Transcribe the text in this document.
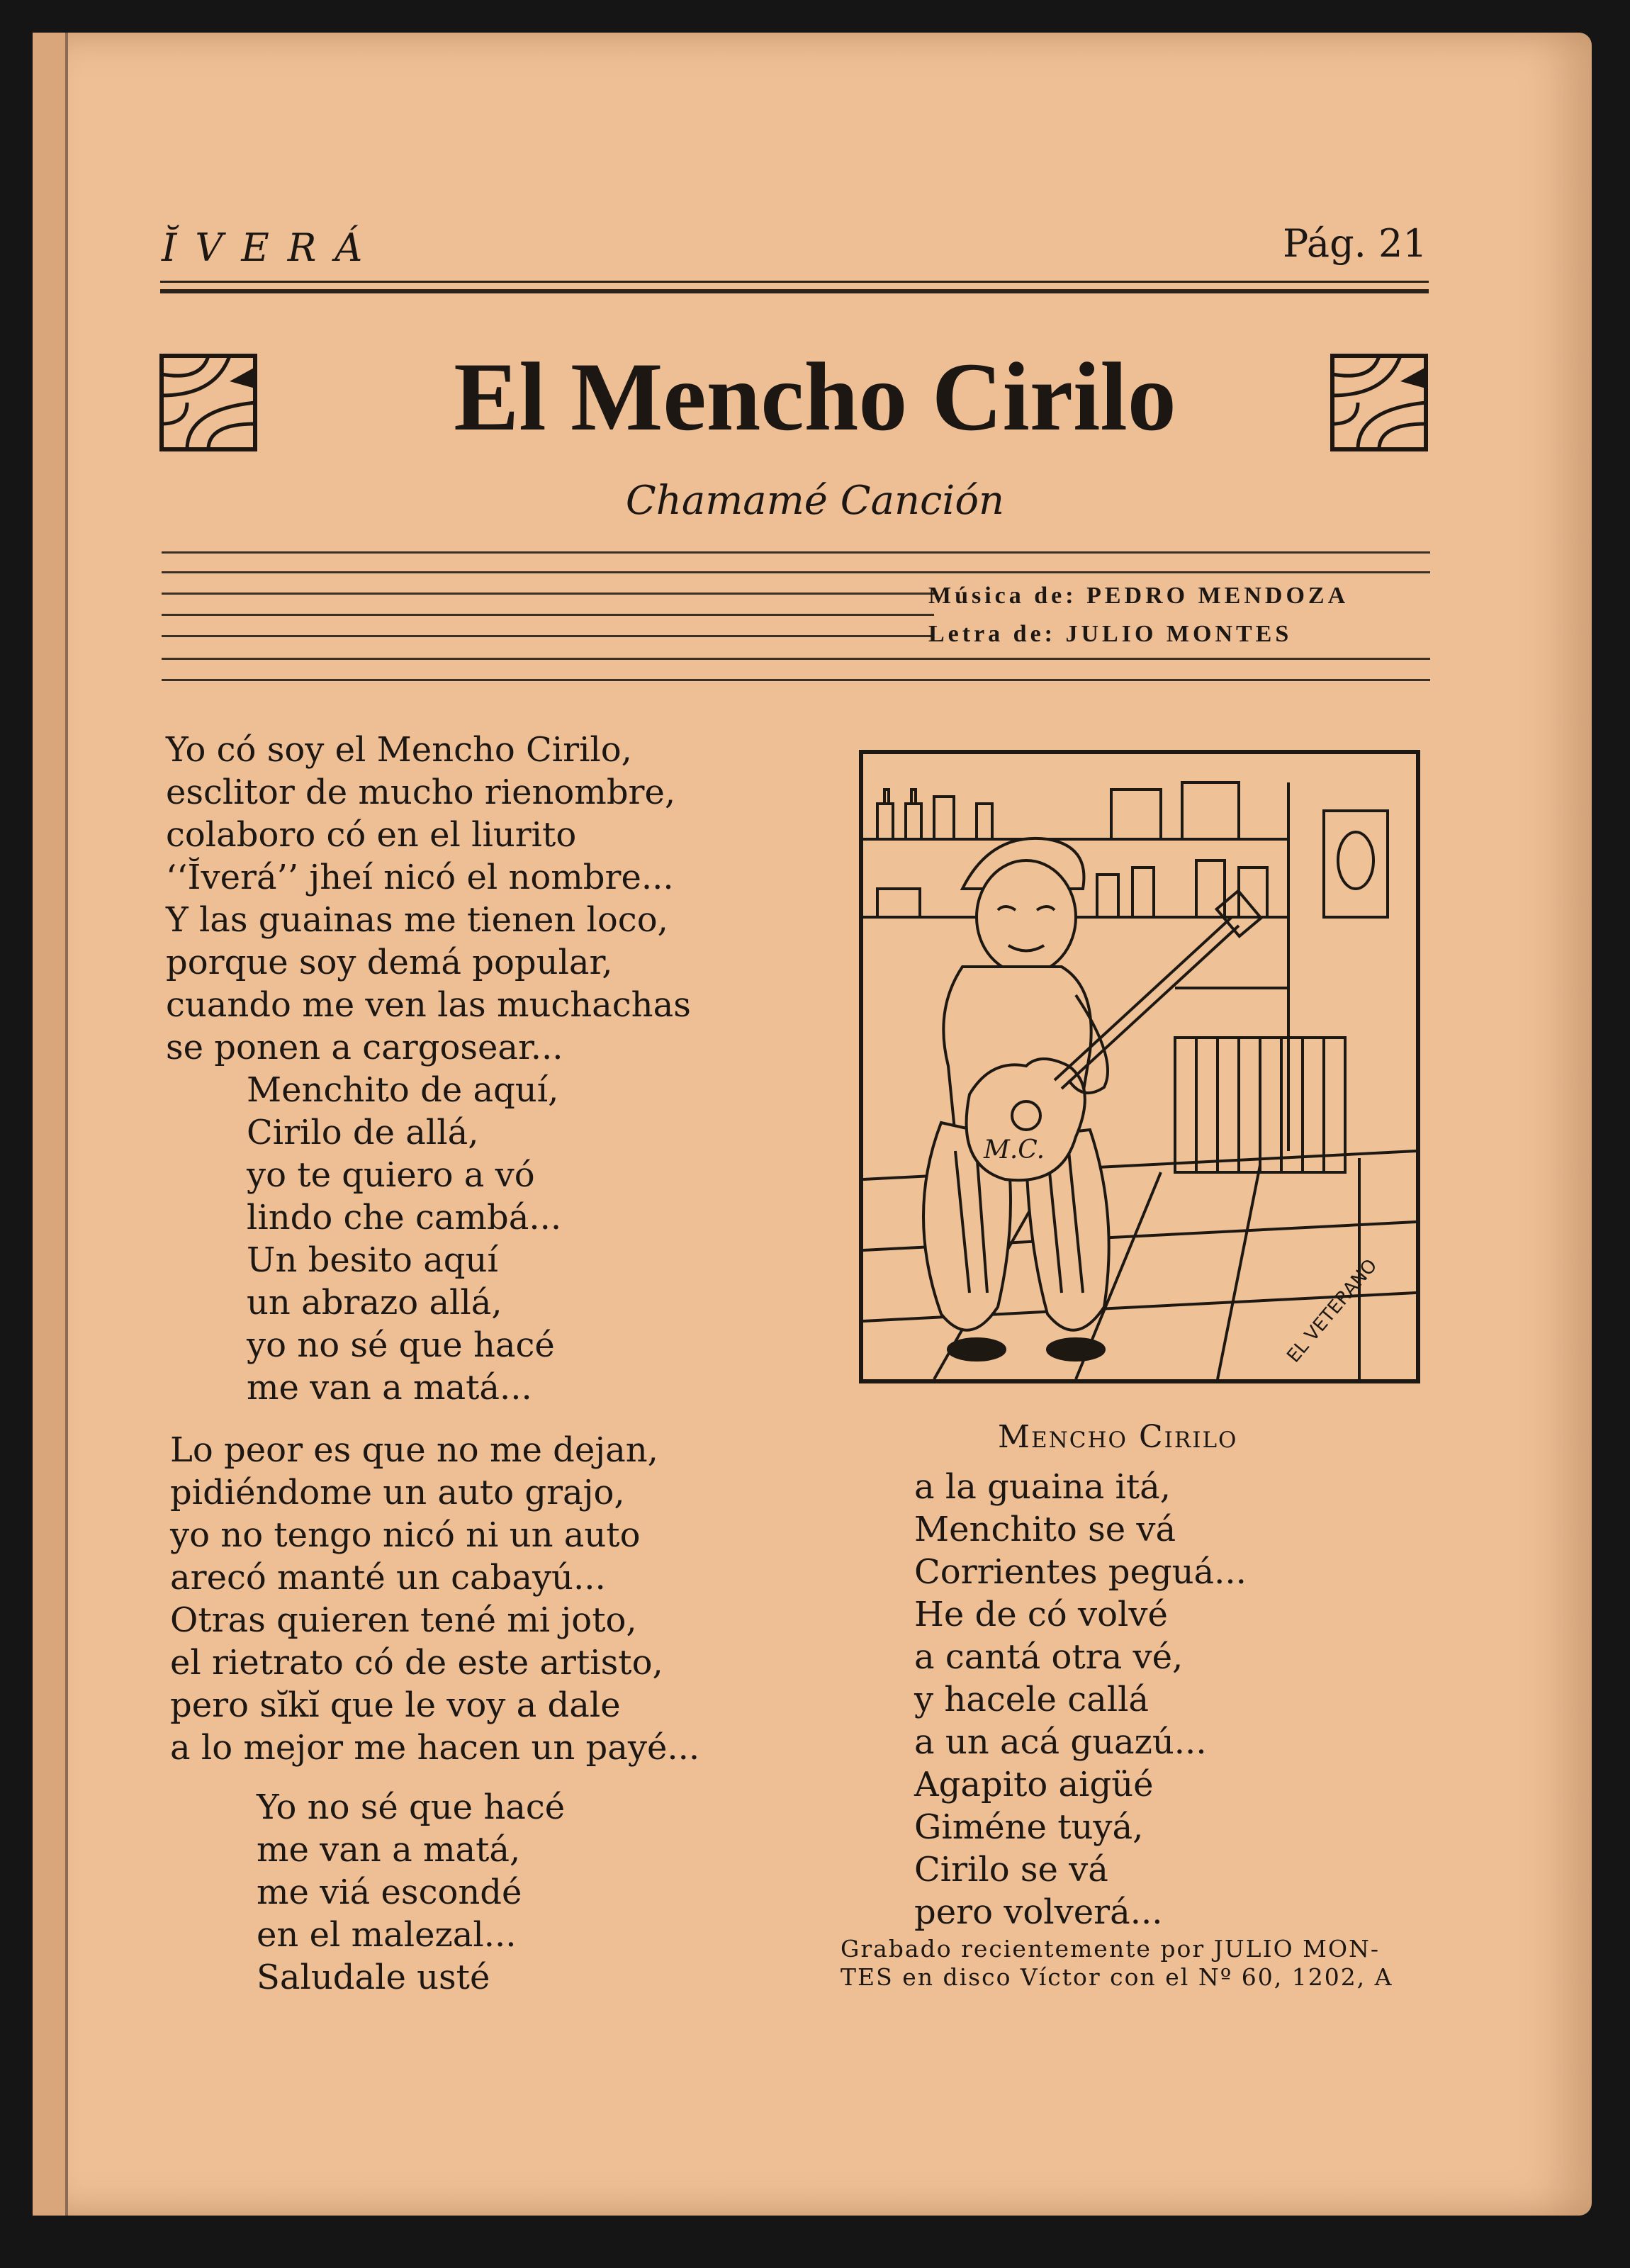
ĬVERÁ	Pág. 21
El Mencho Cirilo
Chamamé Canción
Música de: PEDRO MENDOZA
Letra de: JULIO MONTES
Yo có soy el Mencho Cirilo,
esclitor de mucho rienombre,
colaboro có en el liurito
‘‘Ĭverá’’ jheí nicó el nombre...
Y las guainas me tienen loco,
porque soy demá popular,
cuando me ven las muchachas
se ponen a cargosear...
Menchito de aquí,
Cirilo de allá,
yo te quiero a vó
lindo che cambá...
Un besito aquí
un abrazo allá,
yo no sé que hacé
me van a matá...
Lo peor es que no me dejan,
pidiéndome un auto grajo,
yo no tengo nicó ni un auto
arecó manté un cabayú...
Otras quieren tené mi joto,
el rietrato có de este artisto,
pero sĭkĭ que le voy a dale
a lo mejor me hacen un payé...
Yo no sé que hacé
me van a matá,
me viá escondé
en el malezal...
Saludale usté
M.C.
EL VETERANO
Mencho Cirilo
a la guaina itá,
Menchito se vá
Corrientes peguá...
He de có volvé
a cantá otra vé,
y hacele callá
a un acá guazú...
Agapito aigüé
Giméne tuyá,
Cirilo se vá
pero volverá...
Grabado recientemente por JULIO MON-
TES en disco Víctor con el Nº 60, 1202, A
